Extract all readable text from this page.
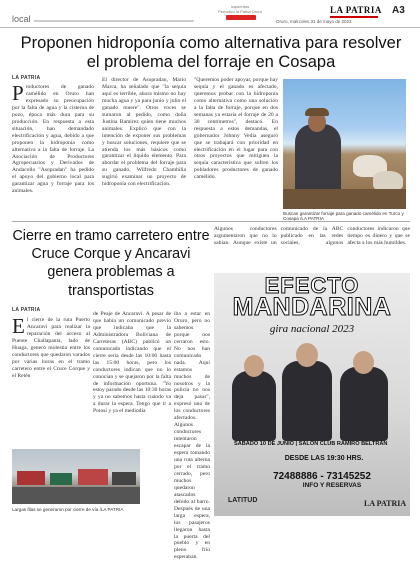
local
Izquierdas
Periodico la Patria Oruro
Oruro, miércoles 31 de mayo de 2023
LA PATRIA A3
Proponen hidroponía como alternativa para resolver el problema del forraje en Cosapa
LA PATRIA
Productores de ganado camélido en Oruro han expresado su preocupación por la falta de agua y la cisterna de pozo, época más dura para su producción. En respuesta a esta situación, han demandado electrificación y agua, debido a que proponen la hidroponía como alternativa a la falta de forraje. La Asociación de Productores Agropecuarios y Derivados de Andacollo "Asopradan" ha pedido el apoyo del gobierno local para garantizar agua y forraje para los animales.
El director de Asopradan, Mario Marca, ha señalado que "la sequía aquí es terrible, ahora mismo no hay mucha agua y ya para junio y julio el ganado muere". Otros voces se sumaron al pedido, como doña Justina Ramírez quien tiene muchos animales. Explicó que con la intención de exponer sus problemas y buscar soluciones, requiere que se atienda los más básicos como garantizar el líquido elemento. Para abordar el problema del forraje para su ganado, Wilfredo Chambilla sugirió examinar un proyecto de hidroponía con electrificación.
"Queremos poder apoyar, porque hay sequía y el ganado es afectado, queremos probar con la hidroponía como alternativa como una solución a la falta de forraje, porque en dos semanas ya estaría el forraje de 20 a 30 centímetros", destacó. En respuesta a estos demandas, el gobernador Johnny Vedia aseguró que se trabajará con prioridad en electrificación en el lugar para con otros proyectos que mitiguen la sequía característica que sufren los pobladores productores de ganado camélido.
Buscan garantizar forraje para ganado camélido en Turco y Cosapa /LA PATRIA
Cierre en tramo carretero entre Cruce Corque y Ancaravi genera problemas a transportistas
LA PATRIA
El cierre de la ruta Puerto Ancaravi para realizar la reparación del acceso al Puente Challapanta, lado de Huaga, generó molestia entre los conductores que quedaron varados por varias horas en el tramo carretero entre el Cruce Corque y el Retén
de Peaje de Ancaravi. A pesar de que había un comunicado previo que indicaba que la Administradora Boliviana de Carreteras (ABC) publicó un comunicado indicando que el cierre sería desde las 10:00 hasta las 15:00 horas, pero los conductores indican que no lo conocían y se quejaron por la falta de información oportuna. "Yo estoy parado desde las 10:30 horas y ya no sabemos hasta cuándo va a durar la espera. Tengo que ir a Potosí y ya el mediodía
iba a estar en Oruro, pero no sabemos porque nos cerraron esto. No nos han comunicado nada. Aquí estamos muchos de nosotros y la policía no nos deja pasar", expresó uno de los conductores afectados. Algunos conductores intentaron escapar de la espera tomando una ruta alterna por el tramo cerrado, pero muchos quedaron atascados debido al barro. Después de una larga espera, los pasajeros llegaron hasta la puerta del pueblo y en pleno frío esperaban.
Algunos conductores argumentaron que no lo sabían. Aunque existe un comunicado de la ABC publicado en las redes sociales, algunos conductores indicaron que tiempo es dinero y que se afecta a los más humildes.
Largas filas se generaron por cierre de vía /LA PATRIA
EFECTO
MANDARINA
gira nacional 2023
SÁBADO 10 DE JUNIO | SALÓN CLUB RAMIRO BELTRÁN
DESDE LAS 19:30 HRS.
72488886 - 73145252
INFO Y RESERVAS
LATITUD	LA PATRIA
